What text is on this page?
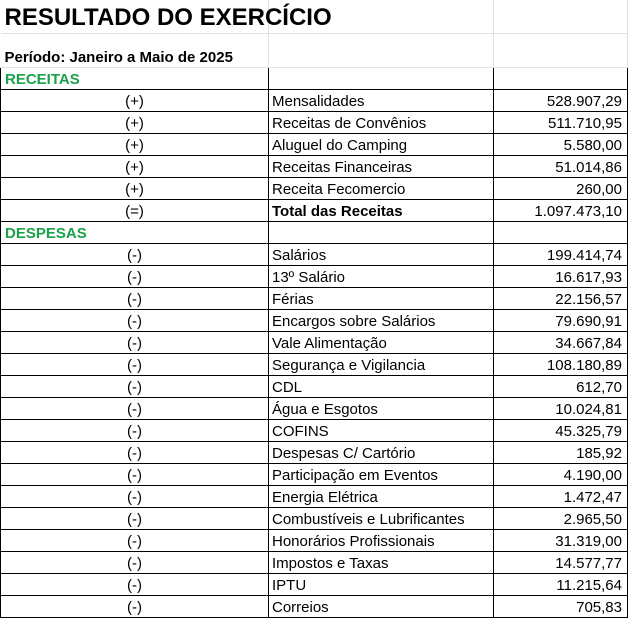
RESULTADO DO EXERCÍCIO		
Período: Janeiro a Maio de 2025		
RECEITAS		
(+)	Mensalidades	528.907,29
(+)	Receitas de Convênios	511.710,95
(+)	Aluguel do Camping	5.580,00
(+)	Receitas Financeiras	51.014,86
(+)	Receita Fecomercio	260,00
(=)	Total das Receitas	1.097.473,10
DESPESAS		
(-)	Salários	199.414,74
(-)	13º Salário	16.617,93
(-)	Férias	22.156,57
(-)	Encargos sobre Salários	79.690,91
(-)	Vale Alimentação	34.667,84
(-)	Segurança e Vigilancia	108.180,89
(-)	CDL	612,70
(-)	Água e Esgotos	10.024,81
(-)	COFINS	45.325,79
(-)	Despesas C/ Cartório	185,92
(-)	Participação em Eventos	4.190,00
(-)	Energia Elétrica	1.472,47
(-)	Combustíveis e Lubrificantes	2.965,50
(-)	Honorários Profissionais	31.319,00
(-)	Impostos e Taxas	14.577,77
(-)	IPTU	11.215,64
(-)	Correios	705,83
